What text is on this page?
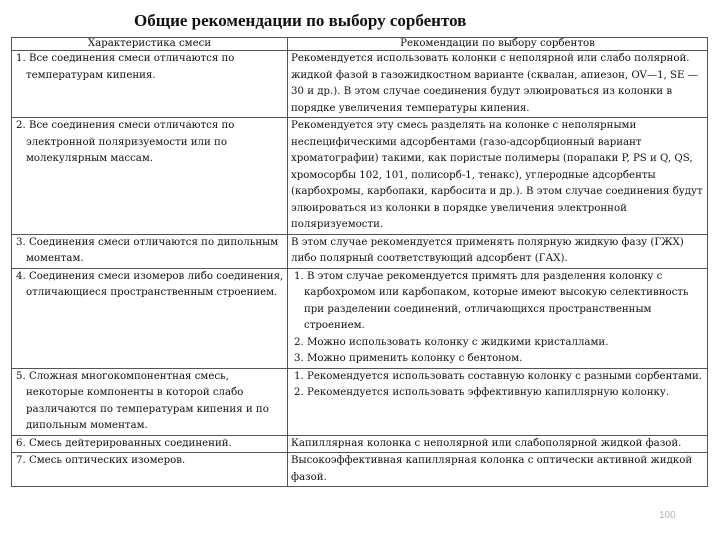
Общие рекомендации по выбору сорбентов
Характеристика смеси	Рекомендации по выбору сорбентов
1. Все соединения смеси отличаются по температурам кипения.	Рекомендуется использовать колонки с неполярной или слабо полярной. жидкой фазой в газожидкостном варианте (сквалан, апиезон, OV—1, SE —30 и др.). В этом случае соединения будут элюироваться из колонки в порядке увеличения температуры кипения.
2. Все соединения смеси отличаются по электронной поляризуемости или по молекулярным массам.	Рекомендуется эту смесь разделять на колонке с неполярными неспецифическими адсорбентами (газо-адсорбционный вариант хроматографии) такими, как пористые полимеры (порапаки P, PS и Q, QS, хромосорбы 102, 101, полисорб-1, тенакс), углеродные адсорбенты (карбохромы, карбопаки, карбосита и др.). В этом случае соединения будут элюироваться из колонки в порядке увеличения электронной поляризуемости.
3. Соединения смеси отличаются по дипольным моментам.	В этом случае рекомендуется применять полярную жидкую фазу (ГЖХ) либо полярный соответствующий адсорбент (ГАХ).
4. Соединения смеси изомеров либо соединения, отличающиеся пространственным строением.	1. В этом случае рекомендуется примять для разделения колонку с карбохромом или карбопаком, которые имеют высокую селективность при разделении соединений, отличающихся пространственным строением.
2. Можно использовать колонку с жидкими кристаллами.
3. Можно применить колонку с бентоном.

5. Сложная многокомпонентная смесь, некоторые компоненты в которой слабо различаются по температурам кипения и по дипольным моментам.	1. Рекомендуется использовать составную колонку с разными сорбентами.
2. Рекомендуется использовать эффективную капиллярную колонку.

6. Смесь дейтерированных соединений.	Капиллярная колонка с неполярной или слабополярной жидкой фазой.
7. Смесь оптических изомеров.	Высокоэффективная капиллярная колонка с оптически активной жидкой фазой.
100
